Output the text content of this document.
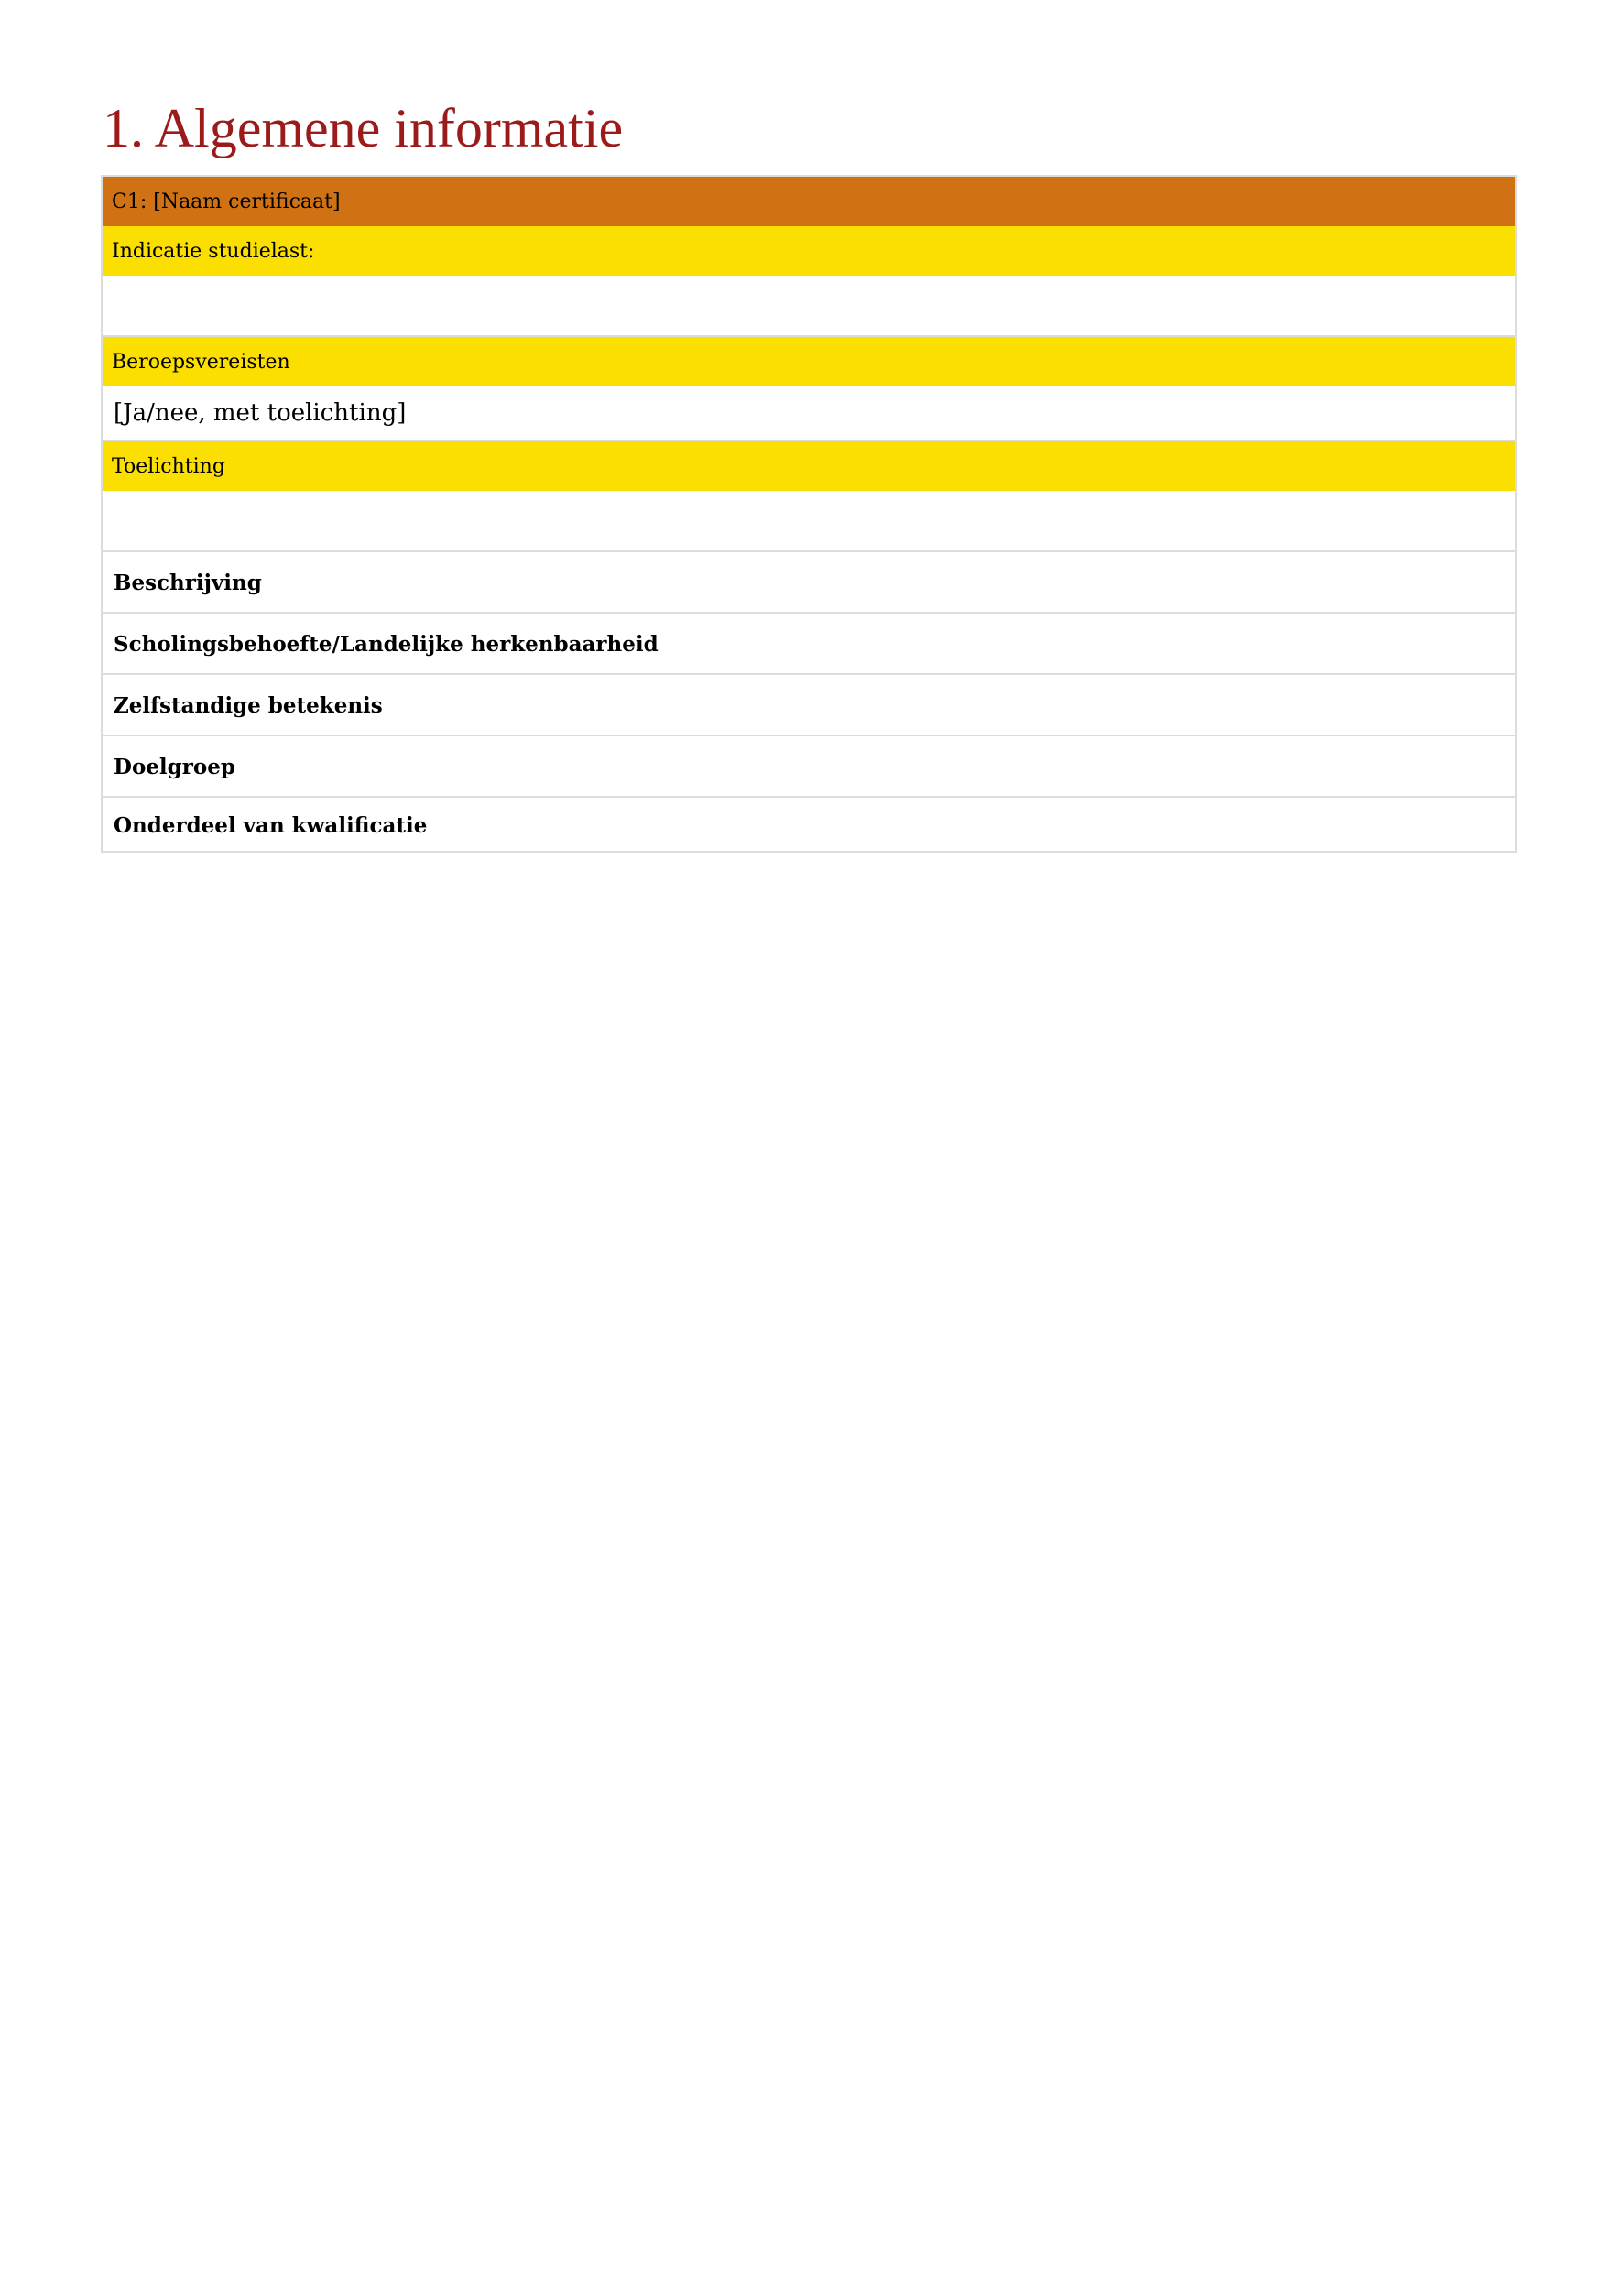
1. Algemene informatie
C1: [Naam certificaat]
Indicatie studielast:
Beroepsvereisten
[Ja/nee, met toelichting]
Toelichting
Beschrijving
Scholingsbehoefte/Landelijke herkenbaarheid
Zelfstandige betekenis
Doelgroep
Onderdeel van kwalificatie
